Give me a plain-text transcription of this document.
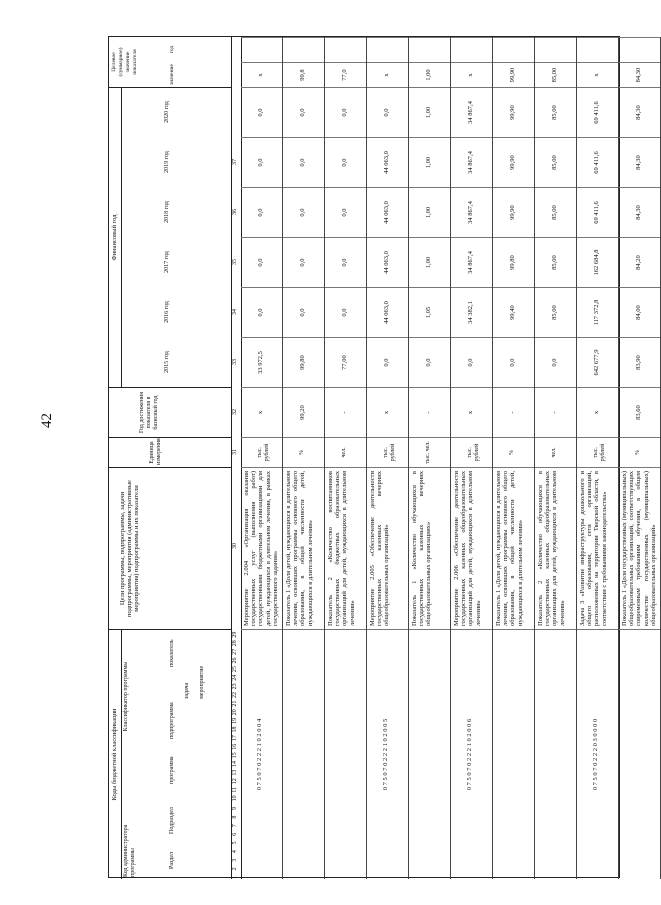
42
Коды бюджетной классификации
Код администратора программы
Классификатор программы
Раздел
Подраздел
программа
подпрограмма
задача мероприятие
показатель
Цели программы, подпрограммы, задачи подпрограммы, мероприятия (административные мероприятия) подпрограммы и их показатели
Единица измерения
Год достижения показателя в базисный год
Финансовый год
2015 год
2016 год
2017 год
2018 год
2019 год
2020 год
Целевое (суммарное) значение показателя	значение
год
1
2
3
4
5
6
7
8
9
10
11
12
13
14
15
16
17
18
19
20
21
22
23
24
25
26
27
28
29
30
31
32
33
34
35
36
37
0 7 5 0 7 0 2 2 2 1 0 2 0 0 4
Мероприятие 2.004 «Организация оказания государственных услуг (выполнения работ) государственными бюджетными организациями для детей, нуждающихся в длительном лечении, в рамках государственного задания»
тыс. рублей
х
33 972,5
0,0
0,0
0,0
0,0
0,0
х
Показатель 1 «Доля детей, нуждающихся в длительном лечении, освоивших программы основного общего образования, в общей численности детей, нуждающихся в длительном лечении»
%
99,20
99,80
0,0
0,0
0,0
0,0
0,0
99,8
Показатель 2 «Количество воспитанников государственных бюджетных образовательных организаций для детей, нуждающихся в длительном лечении»
чел.
-
77,00
0,0
0,0
0,0
0,0
0,0
77,0
0 7 5 0 7 0 2 2 2 1 0 2 0 0 5
Мероприятие 2.005 «Обеспечение деятельности государственных казенных вечерних общеобразовательных организаций»
тыс. рублей
х
0,0
44 063,0
44 063,0
44 063,0
44 063,0
0,0
х
Показатель 1 «Количество обучающихся в государственных казенных вечерних общеобразовательных организациях»
тыс. чел.
-
0,0
1,05
1,00
1,00
1,00
1,00
1,00
0 7 5 0 7 0 2 2 2 1 0 2 0 0 6
Мероприятие 2.006 «Обеспечение деятельности государственных казенных общеобразовательных организаций для детей, нуждающихся в длительном лечении»
тыс. рублей
х
0,0
34 382,1
34 867,4
34 867,4
34 867,4
34 867,4
х
Показатель 1 «Доля детей, нуждающихся в длительном лечении, освоивших программы основного общего образования, в общей численности детей, нуждающихся в длительном лечении»
%
-
0,0
99,40
99,80
99,90
99,90
99,90
99,90
Показатель 2 «Количество обучающихся в государственных казенных общеобразовательных организациях для детей, нуждающихся в длительном лечении»
чел.
-
0,0
85,00
85,00
85,00
85,00
85,00
85,00
0 7 5 0 7 0 2 2 2 0 3 0 0 0 0
Задача 3 «Развитие инфраструктуры дошкольного и общего образования, сети организаций, расположенных на территории Тверской области, в соответствии с требованиями законодательства»
тыс. рублей
х
642 677,9
117 372,8
162 684,8
69 411,6
69 411,6
69 411,6
х
Показатель 1 «Доля государственных (муниципальных) общеобразовательных организаций, соответствующих современным требованиям обучения, в общем количестве государственных (муниципальных) общеобразовательных организаций»
%
83,60
83,90
84,00
84,20
84,30
84,30
84,30
84,30
